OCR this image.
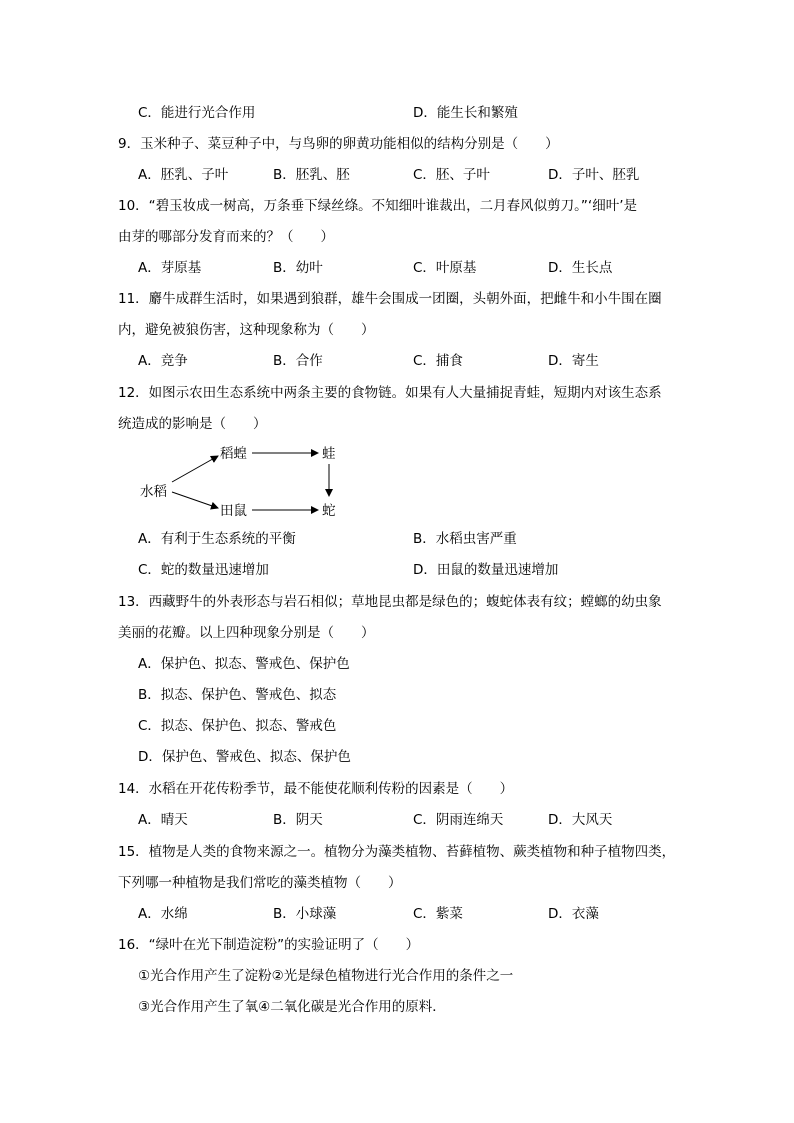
C．能进行光合作用	D．能生长和繁殖
9．玉米种子、菜豆种子中，与鸟卵的卵黄功能相似的结构分别是（　　）
A．胚乳、子叶	B．胚乳、胚	C．胚、子叶	D．子叶、胚乳
10．“碧玉妆成一树高，万条垂下绿丝绦。不知细叶谁裁出，二月春风似剪刀。”‘细叶’是
由芽的哪部分发育而来的？（　　）
A．芽原基	B．幼叶	C．叶原基	D．生长点
11．麝牛成群生活时，如果遇到狼群，雄牛会围成一团圈，头朝外面，把雌牛和小牛围在圈
内，避免被狼伤害，这种现象称为（　　）
A．竞争	B．合作	C．捕食	D．寄生
12．如图示农田生态系统中两条主要的食物链。如果有人大量捕捉青蛙，短期内对该生态系
统造成的影响是（　　）
水稻
稻蝗	蛙
田鼠	蛇
A．有利于生态系统的平衡	B．水稻虫害严重
C．蛇的数量迅速增加	D．田鼠的数量迅速增加
13．西藏野牛的外表形态与岩石相似；草地昆虫都是绿色的；蝮蛇体表有纹；螳螂的幼虫象
美丽的花瓣。以上四种现象分别是（　　）
A．保护色、拟态、警戒色、保护色
B．拟态、保护色、警戒色、拟态
C．拟态、保护色、拟态、警戒色
D．保护色、警戒色、拟态、保护色
14．水稻在开花传粉季节，最不能使花顺利传粉的因素是（　　）
A．晴天	B．阴天	C．阴雨连绵天	D．大风天
15．植物是人类的食物来源之一。植物分为藻类植物、苔藓植物、蕨类植物和种子植物四类，
下列哪一种植物是我们常吃的藻类植物（　　）
A．水绵	B．小球藻	C．紫菜	D．衣藻
16．“绿叶在光下制造淀粉”的实验证明了（　　）
①光合作用产生了淀粉②光是绿色植物进行光合作用的条件之一
③光合作用产生了氧④二氧化碳是光合作用的原料．
